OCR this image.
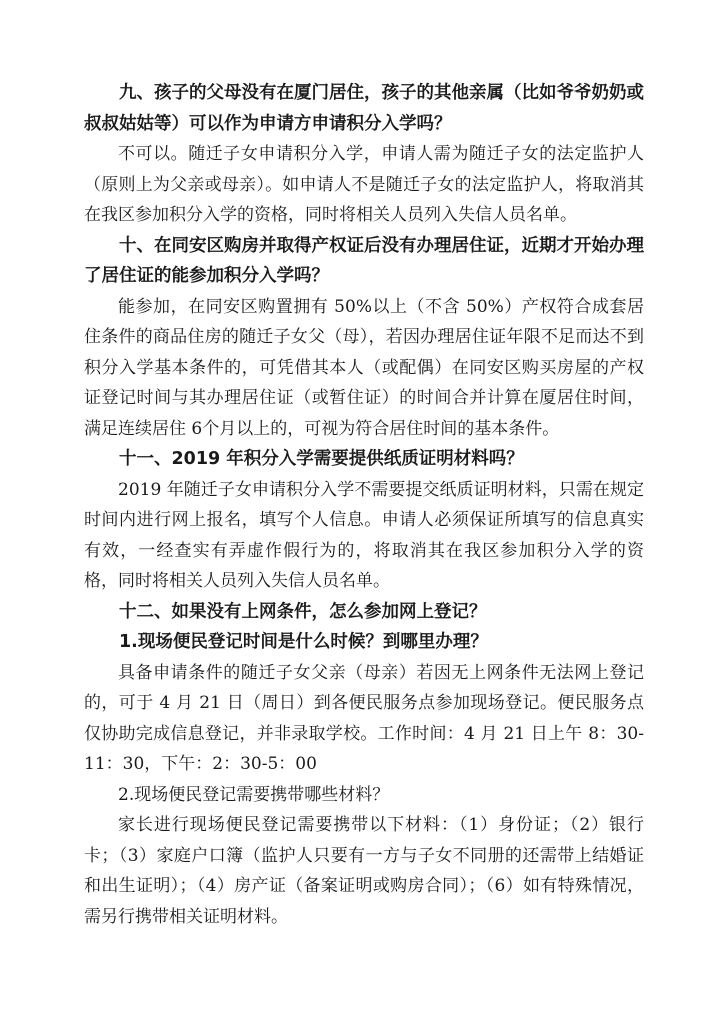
九、孩子的父母没有在厦门居住，孩子的其他亲属（比如爷爷奶奶或叔叔姑姑等）可以作为申请方申请积分入学吗？

不可以。随迁子女申请积分入学，申请人需为随迁子女的法定监护人（原则上为父亲或母亲）。如申请人不是随迁子女的法定监护人，将取消其在我区参加积分入学的资格，同时将相关人员列入失信人员名单。

十、在同安区购房并取得产权证后没有办理居住证，近期才开始办理了居住证的能参加积分入学吗？

能参加，在同安区购置拥有 50%以上（不含 50%）产权符合成套居住条件的商品住房的随迁子女父（母），若因办理居住证年限不足而达不到积分入学基本条件的，可凭借其本人（或配偶）在同安区购买房屋的产权证登记时间与其办理居住证（或暂住证）的时间合并计算在厦居住时间，满足连续居住 6个月以上的，可视为符合居住时间的基本条件。

十一、2019 年积分入学需要提供纸质证明材料吗？

2019 年随迁子女申请积分入学不需要提交纸质证明材料，只需在规定时间内进行网上报名，填写个人信息。申请人必须保证所填写的信息真实有效，一经查实有弄虚作假行为的，将取消其在我区参加积分入学的资格，同时将相关人员列入失信人员名单。

十二、如果没有上网条件，怎么参加网上登记？

1.现场便民登记时间是什么时候？到哪里办理？

具备申请条件的随迁子女父亲（母亲）若因无上网条件无法网上登记的，可于 4 月 21 日（周日）到各便民服务点参加现场登记。便民服务点仅协助完成信息登记，并非录取学校。工作时间：4 月 21 日上午 8：30-11：30，下午：2：30-5：00

2.现场便民登记需要携带哪些材料？

家长进行现场便民登记需要携带以下材料：（1）身份证；（2）银行卡；（3）家庭户口簿（监护人只要有一方与子女不同册的还需带上结婚证和出生证明）；（4）房产证（备案证明或购房合同）；（6）如有特殊情况，需另行携带相关证明材料。
